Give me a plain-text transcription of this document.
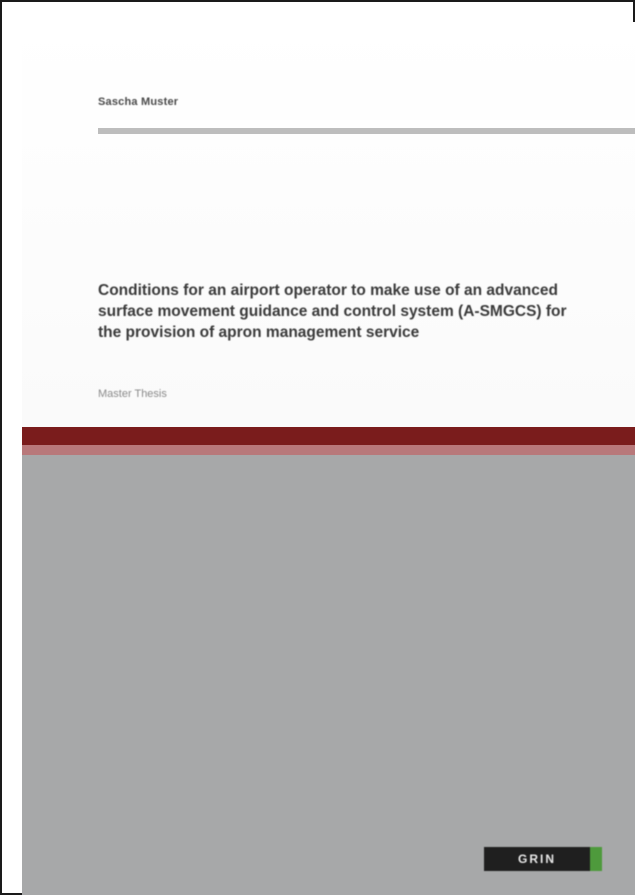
Sascha Muster
Conditions for an airport operator to make use of an advanced surface movement guidance and control system (A-SMGCS) for the provision of apron management service
Master Thesis
GRIN
